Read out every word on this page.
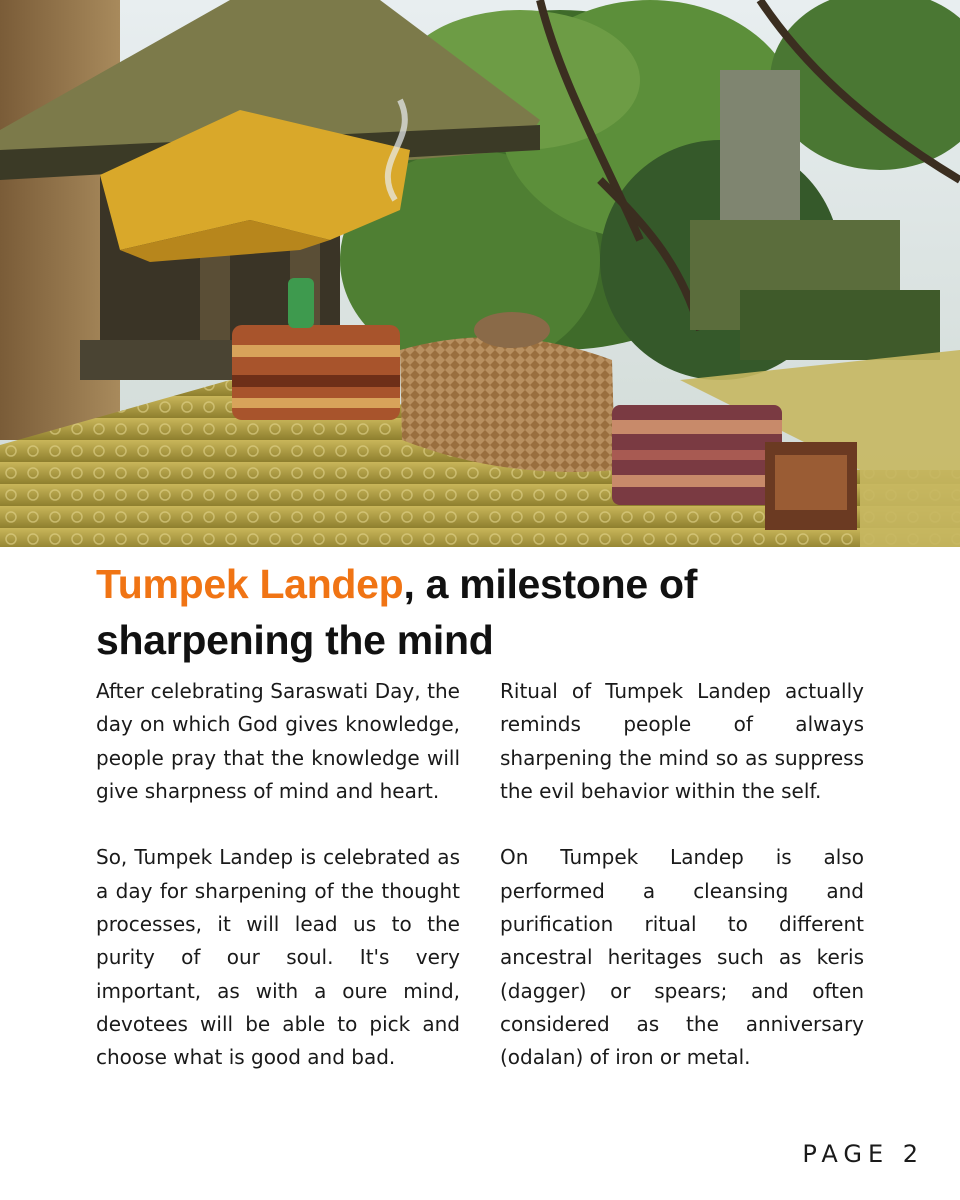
Tumpek Landep, a milestone of sharpening the mind

After celebrating Saraswati Day, the day on which God gives knowledge, people pray that the knowledge will give sharpness of mind and heart.

So, Tumpek Landep is celebrated as a day for sharpening of the thought processes, it will lead us to the purity of our soul. It's very important, as with a oure mind, devotees will be able to pick and choose what is good and bad.

Ritual of Tumpek Landep actually reminds people of always sharpening the mind so as suppress the evil behavior within the self.

On Tumpek Landep is also performed a cleansing and purification ritual to different ancestral heritages such as keris (dagger) or spears; and often considered as the anniversary (odalan) of iron or metal.

PAGE 2
